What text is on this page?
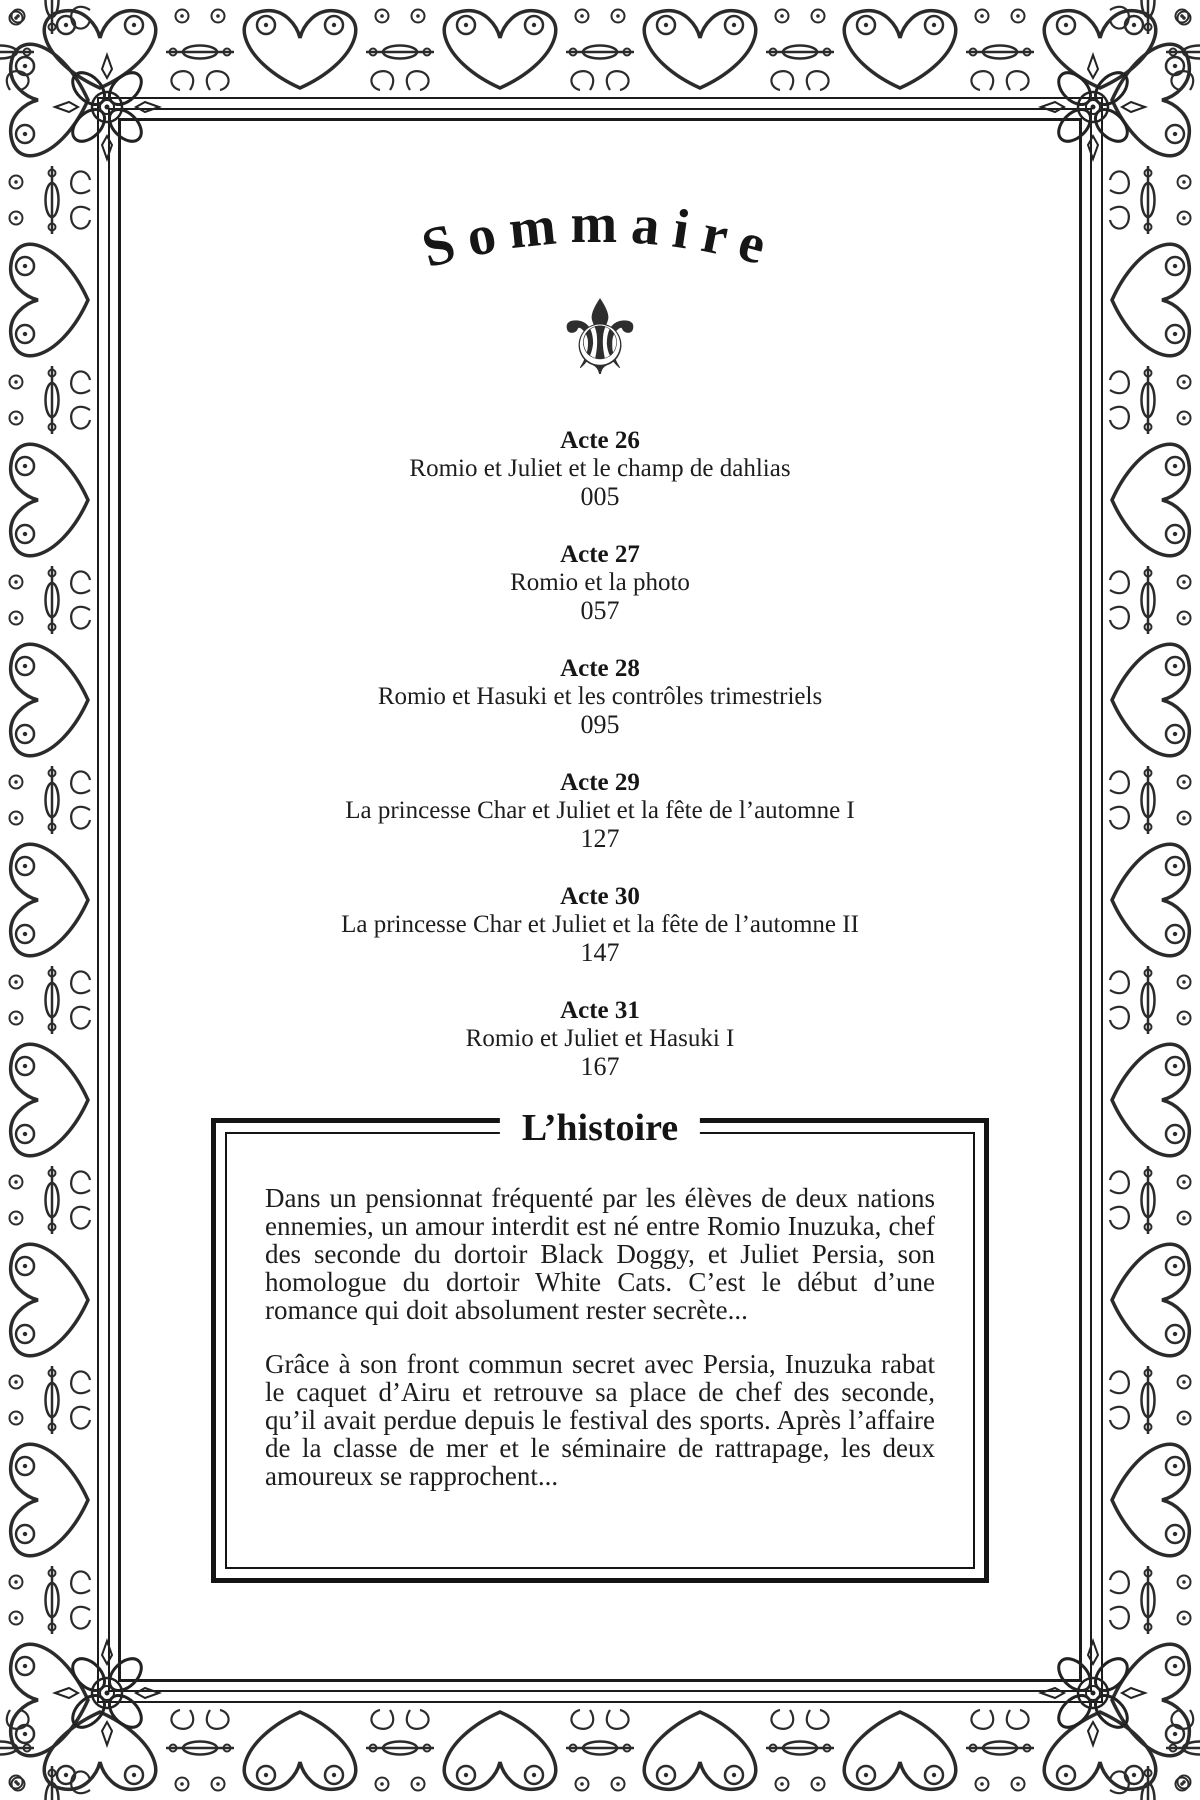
Sommaire
⚜
Acte 26
Romio et Juliet et le champ de dahlias
005
Acte 27
Romio et la photo
057
Acte 28
Romio et Hasuki et les contrôles trimestriels
095
Acte 29
La princesse Char et Juliet et la fête de l’automne I
127
Acte 30
La princesse Char et Juliet et la fête de l’automne II
147
Acte 31
Romio et Juliet et Hasuki I
167

Dans un pensionnat fréquenté par les élèves de deux nations ennemies, un amour interdit est né entre Romio Inuzuka, chef des seconde du dortoir Black Doggy, et Juliet Persia, son homologue du dortoir White Cats. C’est le début d’une romance qui doit absolument rester secrète...

Grâce à son front commun secret avec Persia, Inuzuka rabat le caquet d’Airu et retrouve sa place de chef des seconde, qu’il avait perdue depuis le festival des sports. Après l’affaire de la classe de mer et le séminaire de rattrapage, les deux amoureux se rapprochent...

L’histoire
